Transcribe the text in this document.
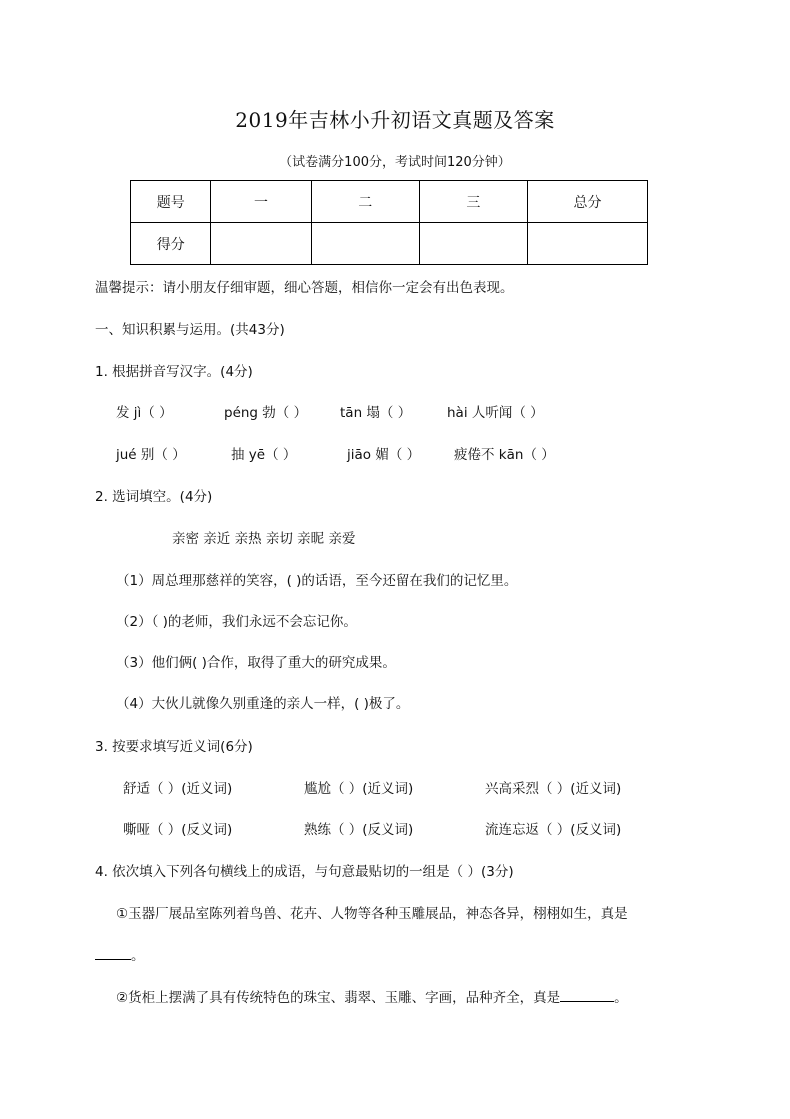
2019年吉林小升初语文真题及答案
（试卷满分100分，考试时间120分钟）
题号	一	二	三	总分
得分				
温馨提示：请小朋友仔细审题，细心答题，相信你一定会有出色表现。
一、知识积累与运用。(共43分)
1. 根据拼音写汉字。(4分)
发 jì（ ）	péng 勃（ ） tān 塌（ ）	hài 人听闻（ ）
jué 别（ ）	抽 yē（ ）	jiāo 媚（ ）	疲倦不 kān（ ）
2. 选词填空。(4分)
亲密 亲近 亲热 亲切 亲昵 亲爱
（1）周总理那慈祥的笑容，( )的话语，至今还留在我们的记忆里。
（2）（ )的老师，我们永远不会忘记你。
（3）他们俩( )合作，取得了重大的研究成果。
（4）大伙儿就像久别重逢的亲人一样，( )极了。
3. 按要求填写近义词(6分)
舒适（ ）(近义词)	尴尬（ ）(近义词)	兴高采烈（ ）(近义词)
嘶哑（ ）(反义词)	熟练（ ）(反义词)	流连忘返（ ）(反义词)
4. 依次填入下列各句横线上的成语，与句意最贴切的一组是（ ）(3分)
①玉器厂展品室陈列着鸟兽、花卉、人物等各种玉雕展品，神态各异，栩栩如生，真是
。
②货柜上摆满了具有传统特色的珠宝、翡翠、玉雕、字画，品种齐全，真是	。
